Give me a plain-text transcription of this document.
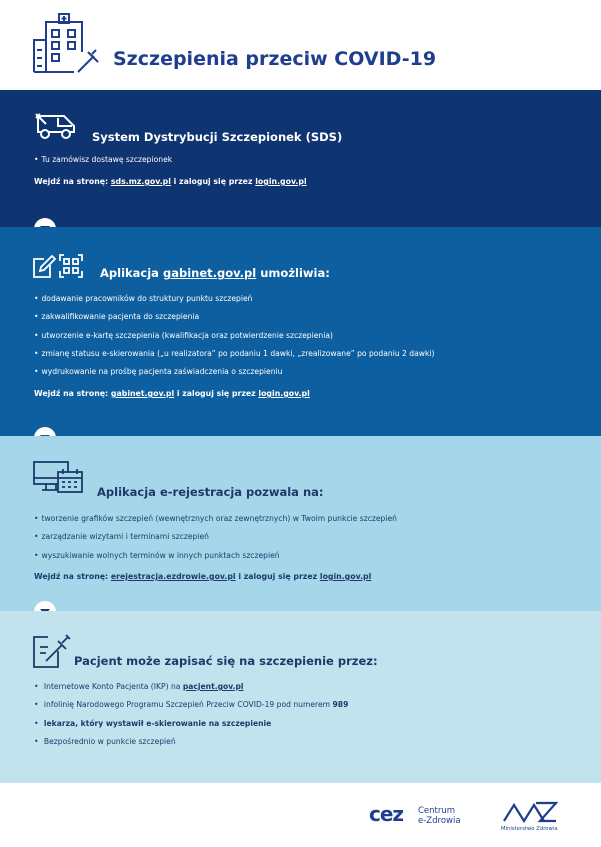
Szczepienia przeciw COVID-19
System Dystrybucji Szczepionek (SDS)
• Tu zamówisz dostawę szczepionek
Wejdź na stronę: sds.mz.gov.pl i zaloguj się przez login.gov.pl
Aplikacja gabinet.gov.pl umożliwia:
• dodawanie pracowników do struktury punktu szczepień
• zakwalifikowanie pacjenta do szczepienia
• utworzenie e-kartę szczepienia (kwalifikacja oraz potwierdzenie szczepienia)
• zmianę statusu e-skierowania („u realizatora” po podaniu 1 dawki, „zrealizowane” po podaniu 2 dawki)
• wydrukowanie na prośbę pacjenta zaświadczenia o szczepieniu
Wejdź na stronę: gabinet.gov.pl i zaloguj się przez login.gov.pl
Aplikacja e-rejestracja pozwala na:
• tworzenie grafików szczepień (wewnętrznych oraz zewnętrznych) w Twoim punkcie szczepień
• zarządzanie wizytami i terminami szczepień
• wyszukiwanie wolnych terminów w innych punktach szczepień
Wejdź na stronę: erejestracja.ezdrowie.gov.pl i zaloguj się przez login.gov.pl
Pacjent może zapisać się na szczepienie przez:
• Internetowe Konto Pacjenta (IKP) na pacjent.gov.pl
• infolinię Narodowego Programu Szczepień Przeciw COVID-19 pod numerem 989
• lekarza, który wystawił e-skierowanie na szczepienie
• Bezpośrednio w punkcie szczepień
cez Centrum
e-Zdrowia
Ministerstwo Zdrowia
